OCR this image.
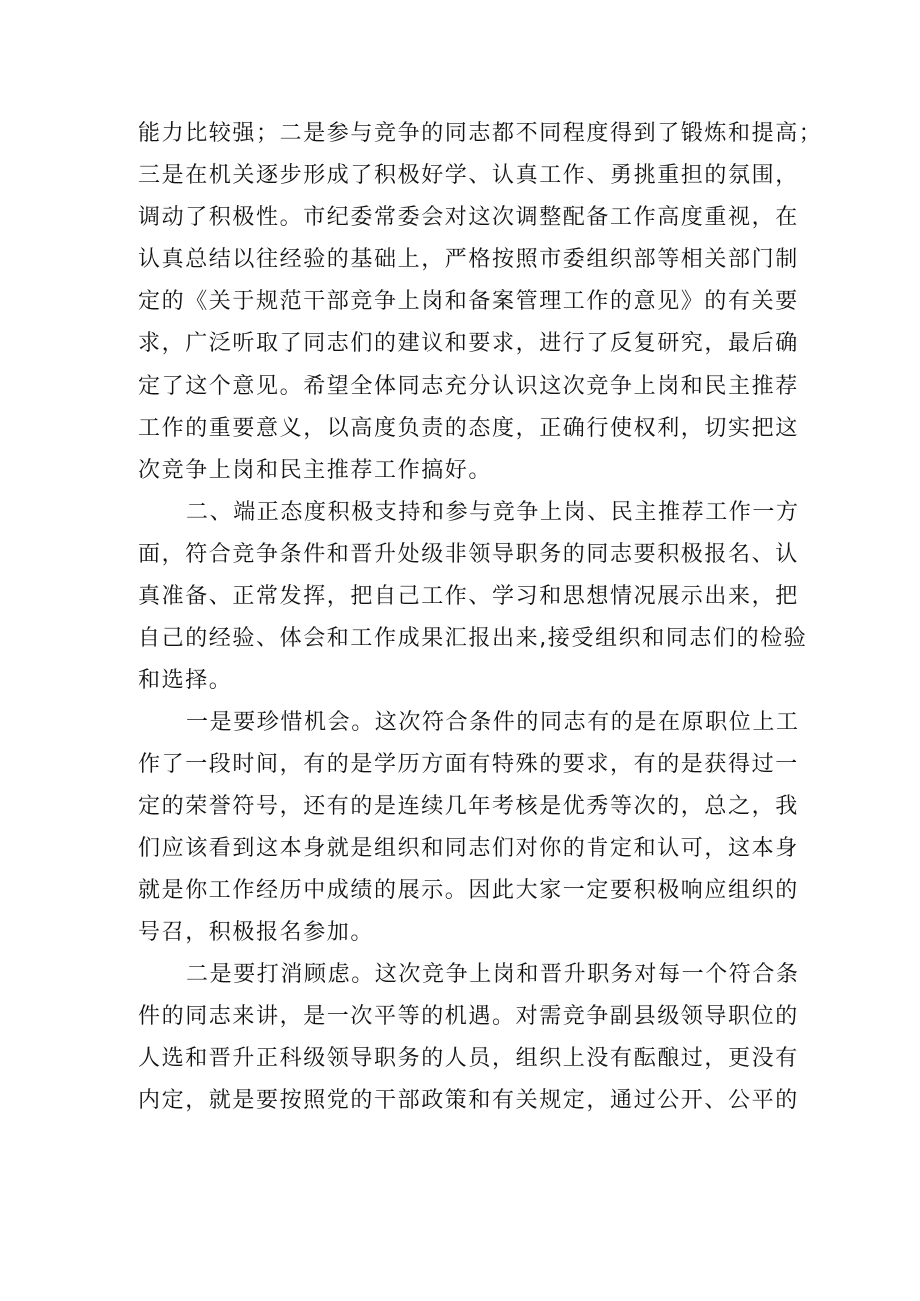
能力比较强；二是参与竞争的同志都不同程度得到了锻炼和提高；
三是在机关逐步形成了积极好学、认真工作、勇挑重担的氛围，
调动了积极性。市纪委常委会对这次调整配备工作高度重视，在
认真总结以往经验的基础上，严格按照市委组织部等相关部门制
定的《关于规范干部竞争上岗和备案管理工作的意见》的有关要
求，广泛听取了同志们的建议和要求，进行了反复研究，最后确
定了这个意见。希望全体同志充分认识这次竞争上岗和民主推荐
工作的重要意义，以高度负责的态度，正确行使权利，切实把这
次竞争上岗和民主推荐工作搞好。
二、端正态度积极支持和参与竞争上岗、民主推荐工作一方
面，符合竞争条件和晋升处级非领导职务的同志要积极报名、认
真准备、正常发挥，把自己工作、学习和思想情况展示出来，把
自己的经验、体会和工作成果汇报出来,接受组织和同志们的检验
和选择。
一是要珍惜机会。这次符合条件的同志有的是在原职位上工
作了一段时间，有的是学历方面有特殊的要求，有的是获得过一
定的荣誉符号，还有的是连续几年考核是优秀等次的，总之，我
们应该看到这本身就是组织和同志们对你的肯定和认可，这本身
就是你工作经历中成绩的展示。因此大家一定要积极响应组织的
号召，积极报名参加。
二是要打消顾虑。这次竞争上岗和晋升职务对每一个符合条
件的同志来讲，是一次平等的机遇。对需竞争副县级领导职位的
人选和晋升正科级领导职务的人员，组织上没有酝酿过，更没有
内定，就是要按照党的干部政策和有关规定，通过公开、公平的
